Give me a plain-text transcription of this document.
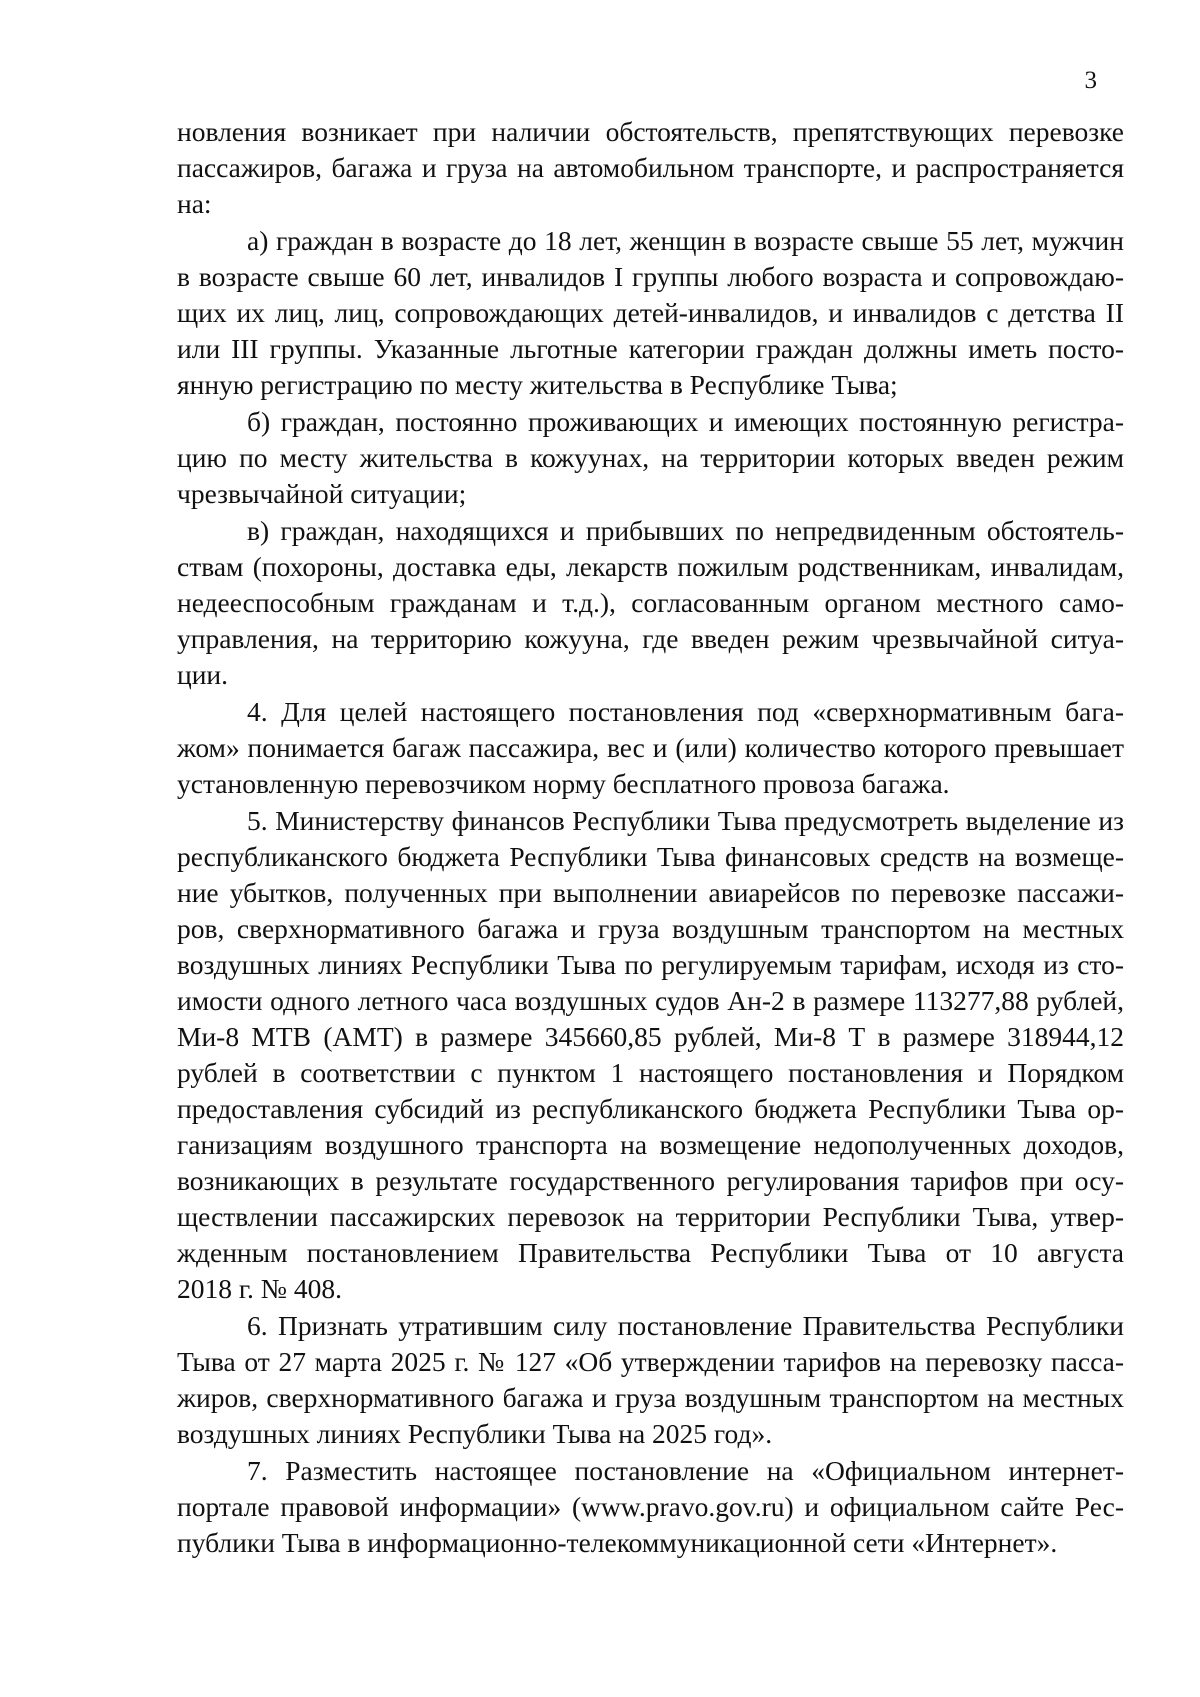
3
новления возникает при наличии обстоятельств, препятствующих перевозке
пассажиров, багажа и груза на автомобильном транспорте, и распространяется
на:
а) граждан в возрасте до 18 лет, женщин в возрасте свыше 55 лет, мужчин
в возрасте свыше 60 лет, инвалидов I группы любого возраста и сопровождаю-
щих их лиц, лиц, сопровождающих детей-инвалидов, и инвалидов с детства II
или III группы. Указанные льготные категории граждан должны иметь посто-
янную регистрацию по месту жительства в Республике Тыва;
б) граждан, постоянно проживающих и имеющих постоянную регистра-
цию по месту жительства в кожуунах, на территории которых введен режим
чрезвычайной ситуации;
в) граждан, находящихся и прибывших по непредвиденным обстоятель-
ствам (похороны, доставка еды, лекарств пожилым родственникам, инвалидам,
недееспособным гражданам и т.д.), согласованным органом местного само-
управления, на территорию кожууна, где введен режим чрезвычайной ситуа-
ции.
4. Для целей настоящего постановления под «сверхнормативным бага-
жом» понимается багаж пассажира, вес и (или) количество которого превышает
установленную перевозчиком норму бесплатного провоза багажа.
5. Министерству финансов Республики Тыва предусмотреть выделение из
республиканского бюджета Республики Тыва финансовых средств на возмеще-
ние убытков, полученных при выполнении авиарейсов по перевозке пассажи-
ров, сверхнормативного багажа и груза воздушным транспортом на местных
воздушных линиях Республики Тыва по регулируемым тарифам, исходя из сто-
имости одного летного часа воздушных судов Ан-2 в размере 113277,88 рублей,
Ми-8 МТВ (АМТ) в размере 345660,85 рублей, Ми-8 Т в размере 318944,12
рублей в соответствии с пунктом 1 настоящего постановления и Порядком
предоставления субсидий из республиканского бюджета Республики Тыва ор-
ганизациям воздушного транспорта на возмещение недополученных доходов,
возникающих в результате государственного регулирования тарифов при осу-
ществлении пассажирских перевозок на территории Республики Тыва, утвер-
жденным постановлением Правительства Республики Тыва от 10 августа
2018 г. № 408.
6. Признать утратившим силу постановление Правительства Республики
Тыва от 27 марта 2025 г. № 127 «Об утверждении тарифов на перевозку пасса-
жиров, сверхнормативного багажа и груза воздушным транспортом на местных
воздушных линиях Республики Тыва на 2025 год».
7. Разместить настоящее постановление на «Официальном интернет-
портале правовой информации» (www.pravo.gov.ru) и официальном сайте Рес-
публики Тыва в информационно-телекоммуникационной сети «Интернет».
